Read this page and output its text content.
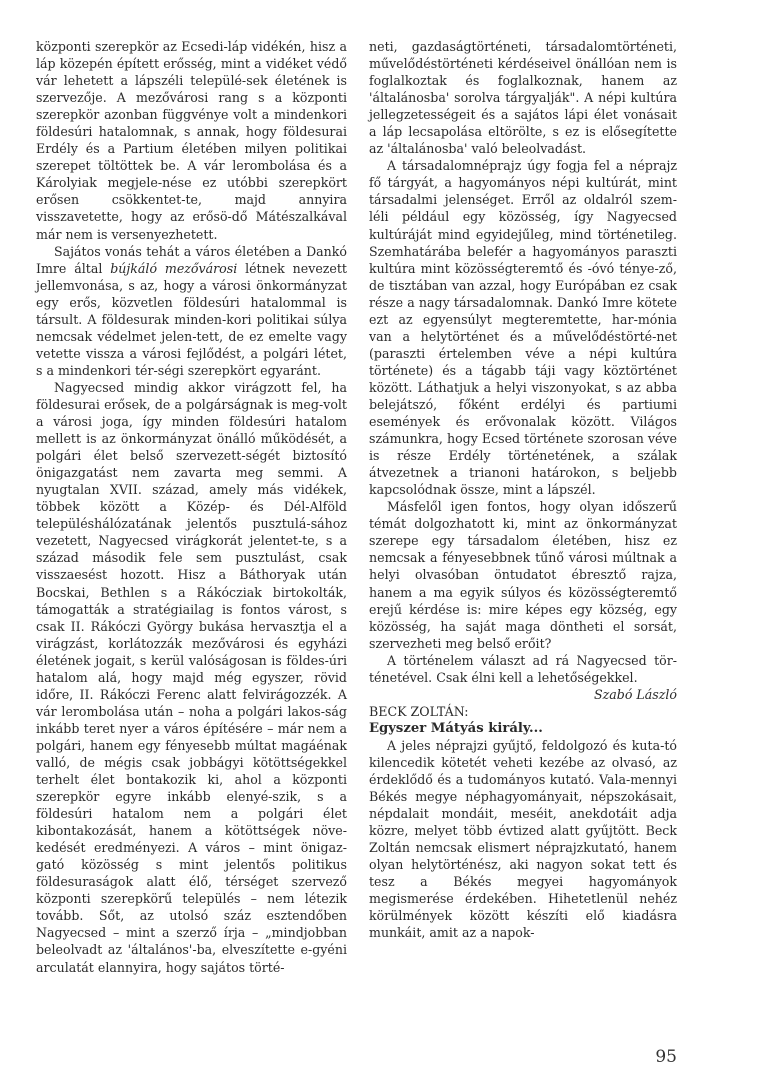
központi szerepkör az Ecsedi-láp vidékén, hisz a láp közepén épített erősség, mint a vidéket védő vár lehetett a lápszéli települé-sek életének is szervezője. A mezővárosi rang s a központi szerepkör azonban függvénye volt a mindenkori földesúri hatalomnak, s annak, hogy földesurai Erdély és a Partium életében milyen politikai szerepet töltöttek be. A vár lerombolása és a Károlyiak megjele-nése ez utóbbi szerepkört erősen csökkentet-te, majd annyira visszavetette, hogy az erősö-dő Mátészalkával már nem is versenyezhetett.

Sajátos vonás tehát a város életében a Dankó Imre által bújkáló mezővárosi létnek nevezett jellemvonása, s az, hogy a városi önkormányzat egy erős, közvetlen földesúri hatalommal is társult. A földesurak minden-kori politikai súlya nemcsak védelmet jelen-tett, de ez emelte vagy vetette vissza a városi fejlődést, a polgári létet, s a mindenkori tér-ségi szerepkört egyaránt.

Nagyecsed mindig akkor virágzott fel, ha földesurai erősek, de a polgárságnak is meg-volt a városi joga, így minden földesúri hatalom mellett is az önkormányzat önálló működését, a polgári élet belső szervezett-ségét biztosító önigazgatást nem zavarta meg semmi. A nyugtalan XVII. század, amely más vidékek, többek között a Közép- és Dél-Alföld településhálózatának jelentős pusztulá-sához vezetett, Nagyecsed virágkorát jelentet-te, s a század második fele sem pusztulást, csak visszaesést hozott. Hisz a Báthoryak után Bocskai, Bethlen s a Rákócziak birtokolták, támogatták a stratégiailag is fontos várost, s csak II. Rákóczi György bukása hervasztja el a virágzást, korlátozzák mezővárosi és egyházi életének jogait, s kerül valóságosan is földes-úri hatalom alá, hogy majd még egyszer, rövid időre, II. Rákóczi Ferenc alatt felvirágozzék. A vár lerombolása után – noha a polgári lakos-ság inkább teret nyer a város építésére – már nem a polgári, hanem egy fényesebb múltat magáénak valló, de mégis csak jobbágyi kötöttségekkel terhelt élet bontakozik ki, ahol a központi szerepkör egyre inkább elenyé-szik, s a földesúri hatalom nem a polgári élet kibontakozását, hanem a kötöttségek növe-kedését eredményezi. A város – mint önigaz-gató közösség s mint jelentős politikus földesuraságok alatt élő, térséget szervező központi szerepkörű település – nem létezik tovább. Sőt, az utolsó száz esztendőben Nagyecsed – mint a szerző írja – „mindjobban beleolvadt az 'általános'-ba, elveszítette e-gyéni arculatát elannyira, hogy sajátos törté-

neti, gazdaságtörténeti, társadalomtörténeti, művelődéstörténeti kérdéseivel önállóan nem is foglalkoztak és foglalkoznak, hanem az 'általánosba' sorolva tárgyalják". A népi kultúra jellegzetességeit és a sajátos lápi élet vonásait a láp lecsapolása eltörölte, s ez is elősegítette az 'általánosba' való beleolvadást.

A társadalomnéprajz úgy fogja fel a néprajz fő tárgyát, a hagyományos népi kultúrát, mint társadalmi jelenséget. Erről az oldalról szem-léli például egy közösség, így Nagyecsed kultúráját mind egyidejűleg, mind történetileg. Szemhatárába belefér a hagyományos paraszti kultúra mint közösségteremtő és -óvó ténye-ző, de tisztában van azzal, hogy Európában ez csak része a nagy társadalomnak. Dankó Imre kötete ezt az egyensúlyt megteremtette, har-mónia van a helytörténet és a művelődéstörté-net (paraszti értelemben véve a népi kultúra története) és a tágabb táji vagy köztörténet között. Láthatjuk a helyi viszonyokat, s az abba belejátszó, főként erdélyi és partiumi események és erővonalak között. Világos számunkra, hogy Ecsed története szorosan véve is része Erdély történetének, a szálak átvezetnek a trianoni határokon, s beljebb kapcsolódnak össze, mint a lápszél.

Másfelől igen fontos, hogy olyan időszerű témát dolgozhatott ki, mint az önkormányzat szerepe egy társadalom életében, hisz ez nemcsak a fényesebbnek tűnő városi múltnak a helyi olvasóban öntudatot ébresztő rajza, hanem a ma egyik súlyos és közösségteremtő erejű kérdése is: mire képes egy község, egy közösség, ha saját maga döntheti el sorsát, szervezheti meg belső erőit?

A történelem választ ad rá Nagyecsed tör-ténetével. Csak élni kell a lehetőségekkel.

Szabó László

BECK ZOLTÁN:

Egyszer Mátyás király...

A jeles néprajzi gyűjtő, feldolgozó és kuta-tó kilencedik kötetét veheti kezébe az olvasó, az érdeklődő és a tudományos kutató. Vala-mennyi Békés megye néphagyományait, népszokásait, népdalait mondáit, meséit, anekdotáit adja közre, melyet több évtized alatt gyűjtött. Beck Zoltán nemcsak elismert néprajzkutató, hanem olyan helytörténész, aki nagyon sokat tett és tesz a Békés megyei hagyományok megismerése érdekében. Hihetetlenül nehéz körülmények között készíti elő kiadásra munkáit, amit az a napok-

95
